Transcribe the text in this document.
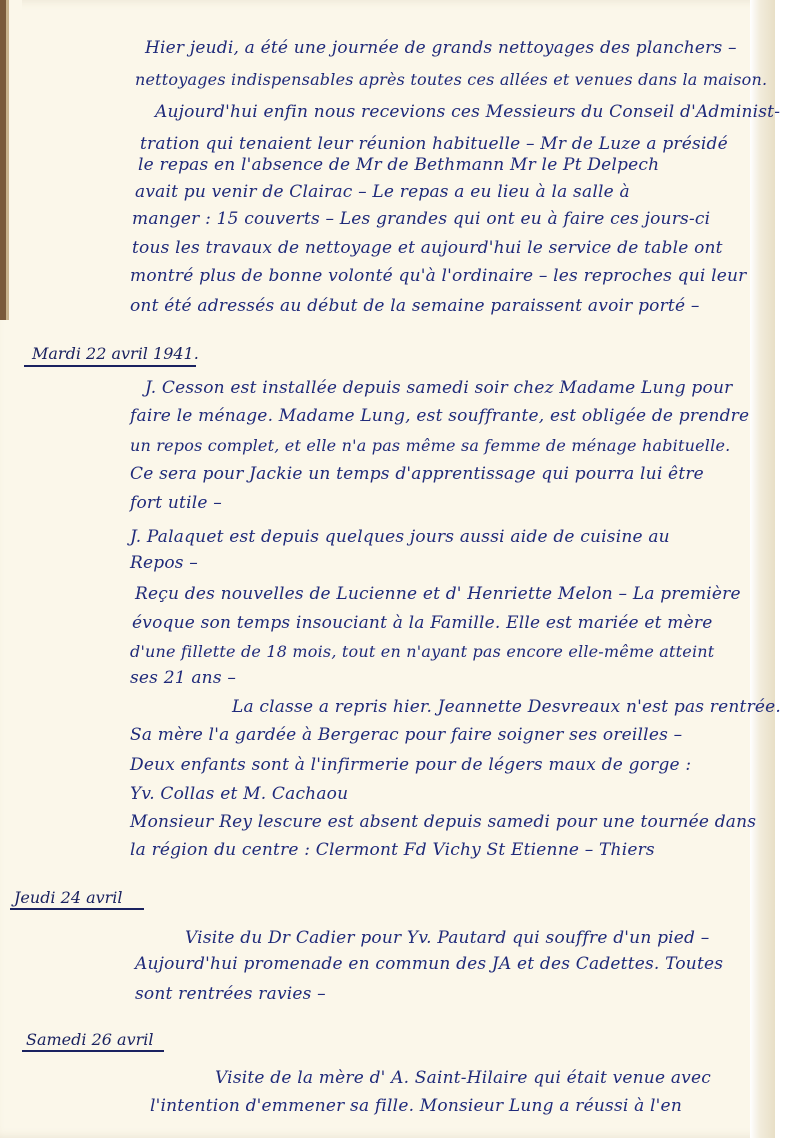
Hier jeudi, a été une journée de grands nettoyages des planchers –
nettoyages indispensables après toutes ces allées et venues dans la maison.
Aujourd'hui enfin nous recevions ces Messieurs du Conseil d'Administ-
tration qui tenaient leur réunion habituelle – Mr de Luze a présidé
le repas en l'absence de Mr de Bethmann Mr le Pt Delpech
avait pu venir de Clairac – Le repas a eu lieu à la salle à
manger : 15 couverts – Les grandes qui ont eu à faire ces jours-ci
tous les travaux de nettoyage et aujourd'hui le service de table ont
montré plus de bonne volonté qu'à l'ordinaire – les reproches qui leur
ont été adressés au début de la semaine paraissent avoir porté –
Mardi 22 avril 1941.
J. Cesson est installée depuis samedi soir chez Madame Lung pour
faire le ménage. Madame Lung, est souffrante, est obligée de prendre
un repos complet, et elle n'a pas même sa femme de ménage habituelle.
Ce sera pour Jackie un temps d'apprentissage qui pourra lui être
fort utile –
J. Palaquet est depuis quelques jours aussi aide de cuisine au
Repos –
Reçu des nouvelles de Lucienne et d' Henriette Melon – La première
évoque son temps insouciant à la Famille. Elle est mariée et mère
d'une fillette de 18 mois, tout en n'ayant pas encore elle-même atteint
ses 21 ans –
La classe a repris hier. Jeannette Desvreaux n'est pas rentrée.
Sa mère l'a gardée à Bergerac pour faire soigner ses oreilles –
Deux enfants sont à l'infirmerie pour de légers maux de gorge :
Yv. Collas et M. Cachaou
Monsieur Rey lescure est absent depuis samedi pour une tournée dans
la région du centre : Clermont Fd Vichy St Etienne – Thiers
Jeudi 24 avril
Visite du Dr Cadier pour Yv. Pautard qui souffre d'un pied –
Aujourd'hui promenade en commun des JA et des Cadettes. Toutes
sont rentrées ravies –
Samedi 26 avril
Visite de la mère d' A. Saint-Hilaire qui était venue avec
l'intention d'emmener sa fille. Monsieur Lung a réussi à l'en
